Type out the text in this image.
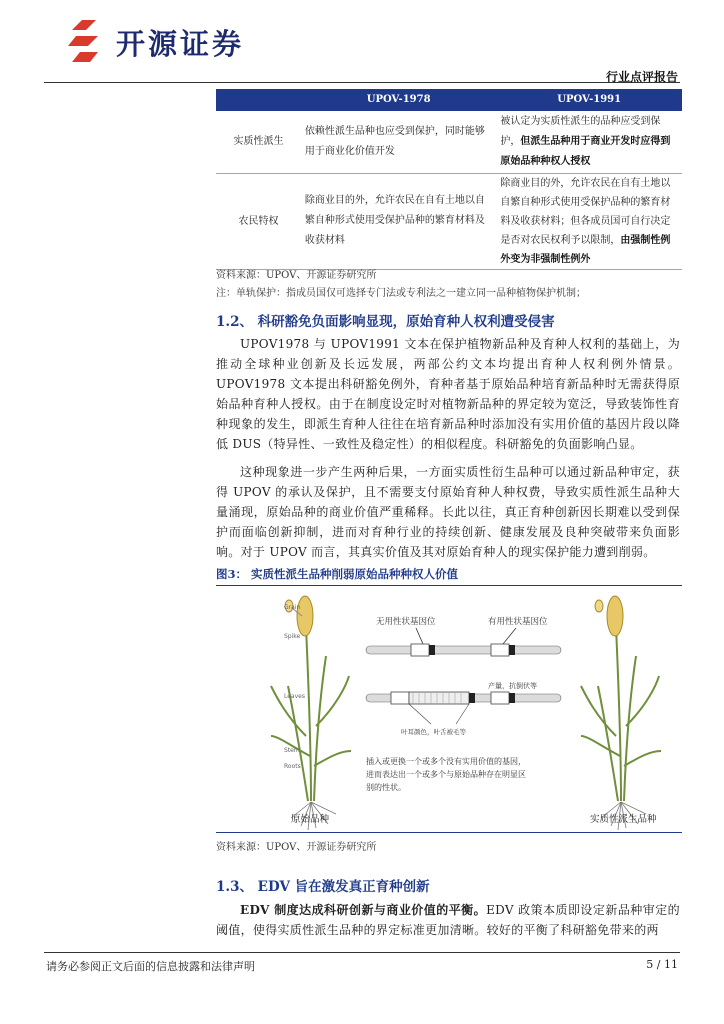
开源证券
行业点评报告
	UPOV-1978	UPOV-1991
实质性派生	依赖性派生品种也应受到保护，同时能够用于商业化价值开发	被认定为实质性派生的品种应受到保护，但派生品种用于商业开发时应得到原始品种种权人授权
农民特权	除商业目的外，允许农民在自有土地以自繁自种形式使用受保护品种的繁育材料及收获材料	除商业目的外，允许农民在自有土地以自繁自种形式使用受保护品种的繁育材料及收获材料；但各成员国可自行决定是否对农民权利予以限制，由强制性例外变为非强制性例外
资料来源：UPOV、开源证券研究所
注：单轨保护：指成员国仅可选择专门法或专利法之一建立同一品种植物保护机制；
1.2、 科研豁免负面影响显现，原始育种人权利遭受侵害
UPOV1978 与 UPOV1991 文本在保护植物新品种及育种人权利的基础上，为推动全球种业创新及长远发展，两部公约文本均提出育种人权利例外情景。UPOV1978 文本提出科研豁免例外，育种者基于原始品种培育新品种时无需获得原始品种育种人授权。由于在制度设定时对植物新品种的界定较为宽泛，导致装饰性育种现象的发生，即派生育种人往往在培育新品种时添加没有实用价值的基因片段以降低 DUS（特异性、一致性及稳定性）的相似程度。科研豁免的负面影响凸显。
这种现象进一步产生两种后果，一方面实质性衍生品种可以通过新品种审定，获得 UPOV 的承认及保护，且不需要支付原始育种人种权费，导致实质性派生品种大量涌现，原始品种的商业价值严重稀释。长此以往，真正育种创新因长期难以受到保护而面临创新抑制，进而对育种行业的持续创新、健康发展及良种突破带来负面影响。对于 UPOV 而言，其真实价值及其对原始育种人的现实保护能力遭到削弱。
图3： 实质性派生品种削弱原始品种种权人价值
Grain
Spike
Leaves
Stem
Roots
无用性状基因位	有用性状基因位
产量，抗倒伏等
叶耳颜色，叶舌被毛等
插入或更换一个或多个没有实用价值的基因，
进而表达出一个或多个与原始品种存在明显区
别的性状。
原始品种	实质性派生品种
资料来源：UPOV、开源证券研究所
1.3、 EDV 旨在激发真正育种创新
EDV 制度达成科研创新与商业价值的平衡。EDV 政策本质即设定新品种审定的阈值，使得实质性派生品种的界定标准更加清晰。较好的平衡了科研豁免带来的两
请务必参阅正文后面的信息披露和法律声明	5 / 11
